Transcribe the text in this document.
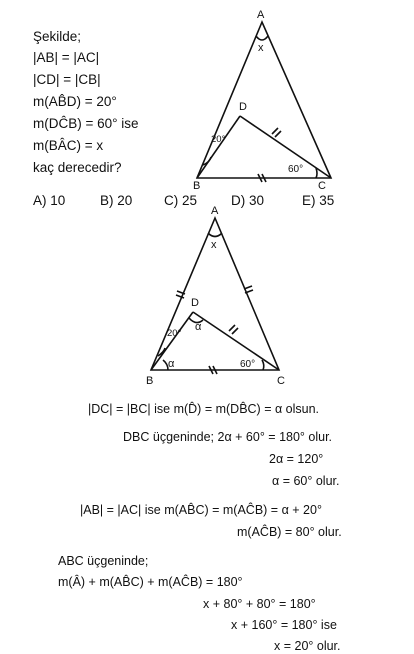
Şekilde;
|AB| = |AC|
|CD| = |CB|
m(AB̂D) = 20°
m(DĈB) = 60° ise
m(BÂC) = x
kaç derecedir?
A) 10	B) 20 C) 25	D) 30	E) 35
A
x
D
20°
60°
B	C
A
x
D
α
20°
α	60°
B	C
|DC| = |BC| ise m(D̂) = m(DB̂C) = α olsun.
DBC üçgeninde; 2α + 60° = 180° olur.
2α = 120°
α = 60° olur.
|AB| = |AC| ise m(AB̂C) = m(AĈB) = α + 20°
m(AĈB) = 80° olur.
ABC üçgeninde;
m(Â) + m(AB̂C) + m(AĈB) = 180°
x + 80° + 80° = 180°
x + 160° = 180° ise
x = 20° olur.
